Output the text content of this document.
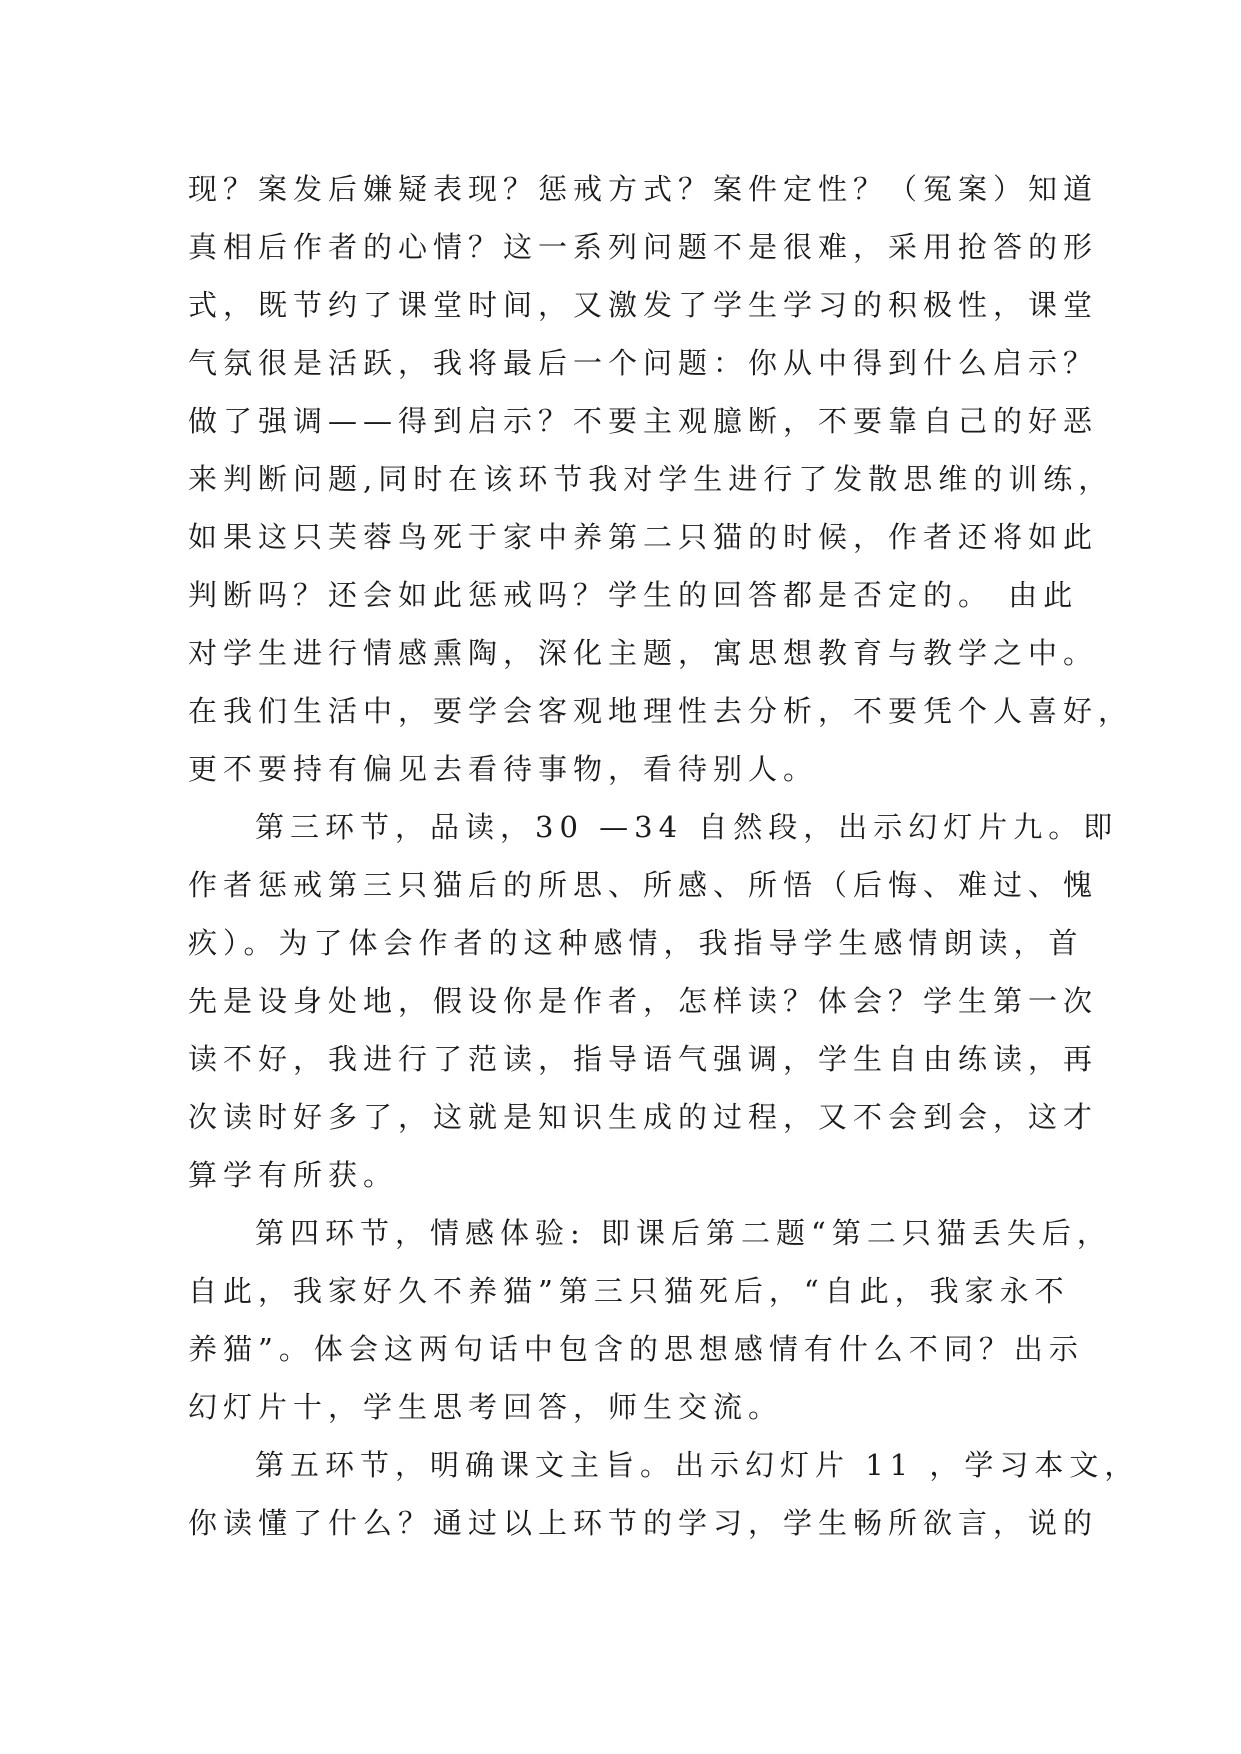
现？案发后嫌疑表现？惩戒方式？案件定性？（冤案）知道
真相后作者的心情？这一系列问题不是很难，采用抢答的形
式，既节约了课堂时间，又激发了学生学习的积极性，课堂
气氛很是活跃，我将最后一个问题：你从中得到什么启示？
做了强调——得到启示？不要主观臆断，不要靠自己的好恶
来判断问题,同时在该环节我对学生进行了发散思维的训练，
如果这只芙蓉鸟死于家中养第二只猫的时候，作者还将如此
判断吗？还会如此惩戒吗？学生的回答都是否定的。 由此
对学生进行情感熏陶，深化主题，寓思想教育与教学之中。
在我们生活中，要学会客观地理性去分析，不要凭个人喜好，
更不要持有偏见去看待事物，看待别人。
第三环节，品读，30 —34 自然段，出示幻灯片九。即
作者惩戒第三只猫后的所思、所感、所悟（后悔、难过、愧
疚）。为了体会作者的这种感情，我指导学生感情朗读，首
先是设身处地，假设你是作者，怎样读？体会？学生第一次
读不好，我进行了范读，指导语气强调，学生自由练读，再
次读时好多了，这就是知识生成的过程，又不会到会，这才
算学有所获。
第四环节，情感体验: 即课后第二题“第二只猫丢失后，
自此，我家好久不养猫”第三只猫死后，“自此，我家永不
养猫”。体会这两句话中包含的思想感情有什么不同？出示
幻灯片十，学生思考回答，师生交流。
第五环节，明确课文主旨。出示幻灯片 11 ，学习本文，
你读懂了什么？通过以上环节的学习，学生畅所欲言，说的
